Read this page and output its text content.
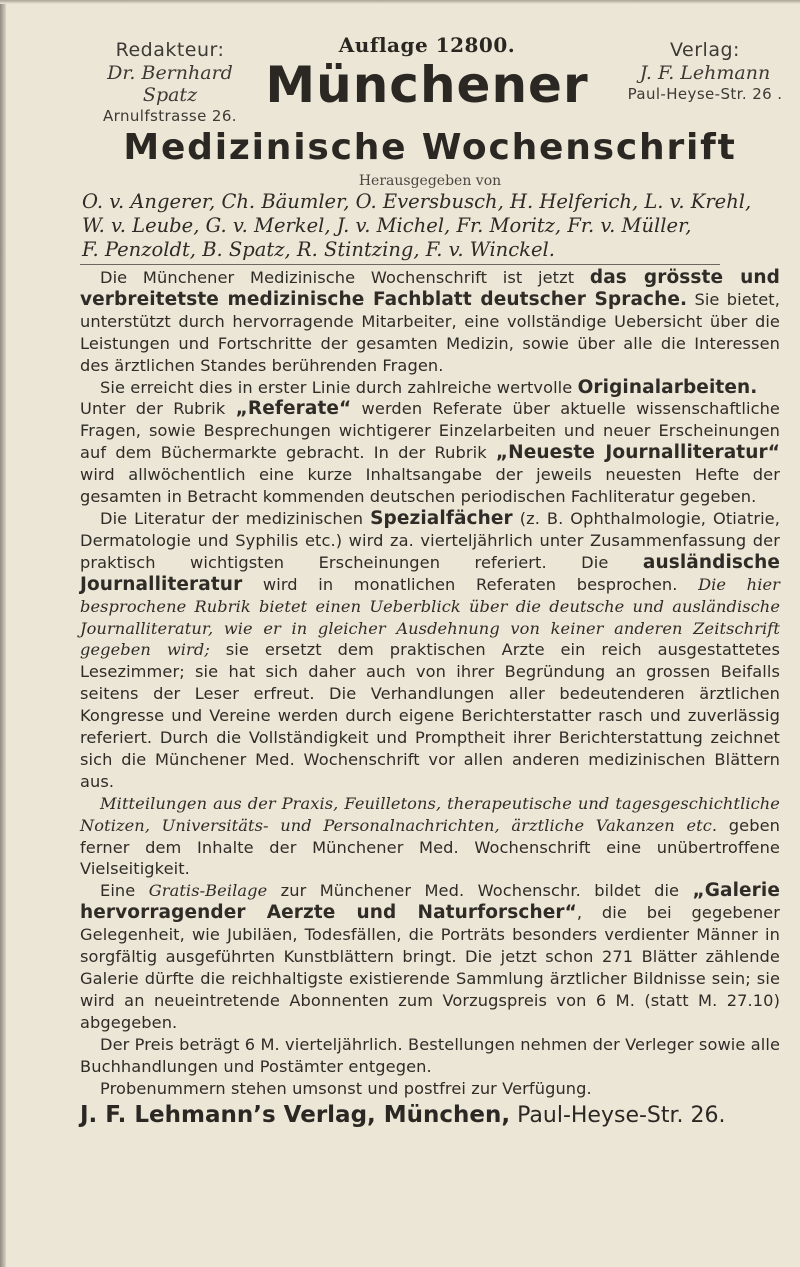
Redakteur:
Dr. Bernhard Spatz
Arnulfstrasse 26.
Auflage 12800.
Münchener
Verlag:
J. F. Lehmann
Paul-Heyse-Str. 26 .
Medizinische Wochenschrift
Herausgegeben von
O. v. Angerer, Ch. Bäumler, O. Eversbusch, H. Helferich, L. v. Krehl,
W. v. Leube, G. v. Merkel, J. v. Michel, Fr. Moritz, Fr. v. Müller,
F. Penzoldt, B. Spatz, R. Stintzing, F. v. Winckel.

Die Münchener Medizinische Wochenschrift ist jetzt das grösste und verbreitetste medizinische Fachblatt deutscher Sprache. Sie bietet, unterstützt durch hervorragende Mitarbeiter, eine vollständige Uebersicht über die Leistungen und Fortschritte der gesamten Medizin, sowie über alle die Interessen des ärztlichen Standes berührenden Fragen.

Sie erreicht dies in erster Linie durch zahlreiche wertvolle Originalarbeiten.

Unter der Rubrik „Referate“ werden Referate über aktuelle wissenschaftliche Fragen, sowie Besprechungen wichtigerer Einzelarbeiten und neuer Erscheinungen auf dem Büchermarkte gebracht. In der Rubrik „Neueste Journalliteratur“ wird allwöchentlich eine kurze Inhaltsangabe der jeweils neuesten Hefte der gesamten in Betracht kommenden deutschen periodischen Fachliteratur gegeben.

Die Literatur der medizinischen Spezialfächer (z. B. Ophthalmologie, Otiatrie, Dermatologie und Syphilis etc.) wird za. vierteljährlich unter Zusammenfassung der praktisch wichtigsten Erscheinungen referiert. Die ausländische Journalliteratur wird in monatlichen Referaten besprochen. Die hier besprochene Rubrik bietet einen Ueberblick über die deutsche und ausländische Journalliteratur, wie er in gleicher Ausdehnung von keiner anderen Zeitschrift gegeben wird; sie ersetzt dem praktischen Arzte ein reich ausgestattetes Lesezimmer; sie hat sich daher auch von ihrer Begründung an grossen Beifalls seitens der Leser erfreut. Die Verhandlungen aller bedeutenderen ärztlichen Kongresse und Vereine werden durch eigene Berichterstatter rasch und zuverlässig referiert. Durch die Vollständigkeit und Promptheit ihrer Berichterstattung zeichnet sich die Münchener Med. Wochenschrift vor allen anderen medizinischen Blättern aus.

Mitteilungen aus der Praxis, Feuilletons, therapeutische und tagesgeschichtliche Notizen, Universitäts- und Personalnachrichten, ärztliche Vakanzen etc. geben ferner dem Inhalte der Münchener Med. Wochenschrift eine unübertroffene Vielseitigkeit.

Eine Gratis-Beilage zur Münchener Med. Wochenschr. bildet die „Galerie hervorragender Aerzte und Naturforscher“, die bei gegebener Gelegenheit, wie Jubiläen, Todesfällen, die Porträts besonders verdienter Männer in sorgfältig ausgeführten Kunstblättern bringt. Die jetzt schon 271 Blätter zählende Galerie dürfte die reichhaltigste existierende Sammlung ärztlicher Bildnisse sein; sie wird an neueintretende Abonnenten zum Vorzugspreis von 6 M. (statt M. 27.10) abgegeben.

Der Preis beträgt 6 M. vierteljährlich. Bestellungen nehmen der Verleger sowie alle Buchhandlungen und Postämter entgegen.

Probenummern stehen umsonst und postfrei zur Verfügung.

J. F. Lehmann’s Verlag, München, Paul-Heyse-Str. 26.
